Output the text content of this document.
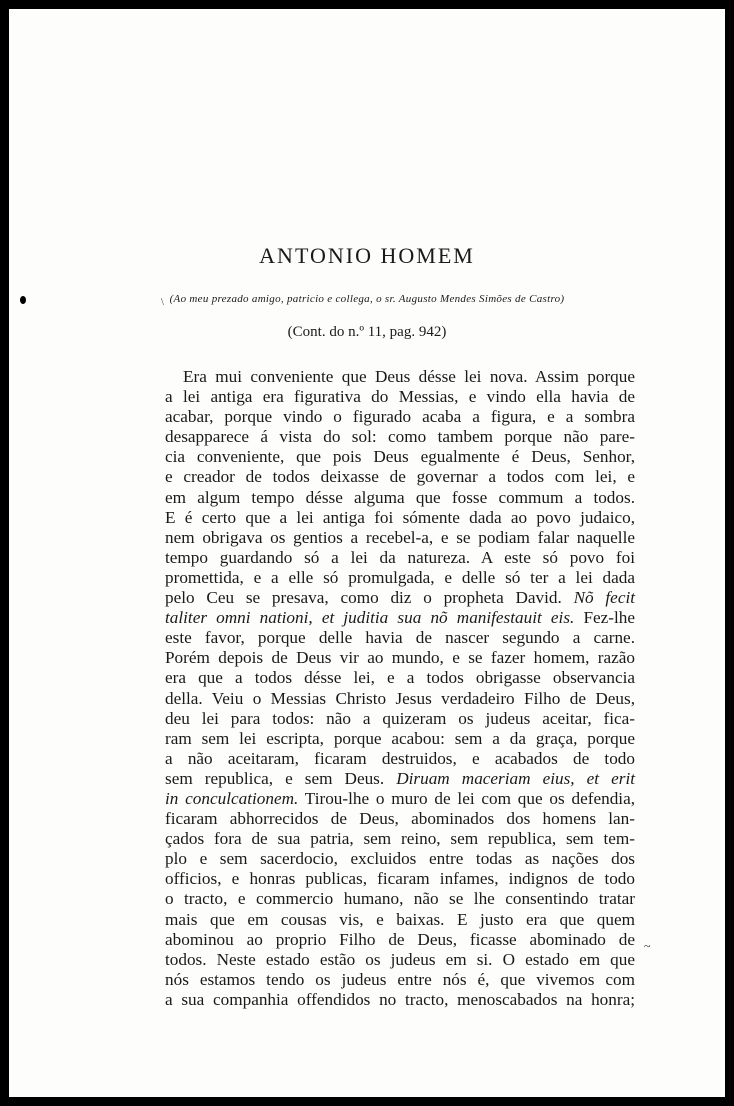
\
ANTONIO HOMEM

(Ao meu prezado amigo, patricio e collega, o sr. Augusto Mendes Simões de Castro)

(Cont. do n.º 11, pag. 942)

Era mui conveniente que Deus désse lei nova. Assim porque
a lei antiga era figurativa do Messias, e vindo ella havia de
acabar, porque vindo o figurado acaba a figura, e a sombra
desapparece á vista do sol: como tambem porque não pare-
cia conveniente, que pois Deus egualmente é Deus, Senhor,
e creador de todos deixasse de governar a todos com lei, e
em algum tempo désse alguma que fosse commum a todos.
E é certo que a lei antiga foi sómente dada ao povo judaico,
nem obrigava os gentios a recebel-a, e se podiam falar naquelle
tempo guardando só a lei da natureza. A este só povo foi
promettida, e a elle só promulgada, e delle só ter a lei dada
pelo Ceu se presava, como diz o propheta David. Nõ fecit
taliter omni nationi, et juditia sua nõ manifestauit eis. Fez-lhe
este favor, porque delle havia de nascer segundo a carne.
Porém depois de Deus vir ao mundo, e se fazer homem, razão
era que a todos désse lei, e a todos obrigasse observancia
della. Veiu o Messias Christo Jesus verdadeiro Filho de Deus,
deu lei para todos: não a quizeram os judeus aceitar, fica-
ram sem lei escripta, porque acabou: sem a da graça, porque
a não aceitaram, ficaram destruidos, e acabados de todo
sem republica, e sem Deus. Diruam maceriam eius, et erit
in conculcationem. Tirou-lhe o muro de lei com que os defendia,
ficaram abhorrecidos de Deus, abominados dos homens lan-
çados fora de sua patria, sem reino, sem republica, sem tem-
plo e sem sacerdocio, excluidos entre todas as nações dos
officios, e honras publicas, ficaram infames, indignos de todo
o tracto, e commercio humano, não se lhe consentindo tratar
mais que em cousas vis, e baixas. E justo era que quem
abominou ao proprio Filho de Deus, ficasse abominado de
todos. Neste estado estão os judeus em si. O estado em que
nós estamos tendo os judeus entre nós é, que vivemos com
a sua companhia offendidos no tracto, menoscabados na honra;
~
